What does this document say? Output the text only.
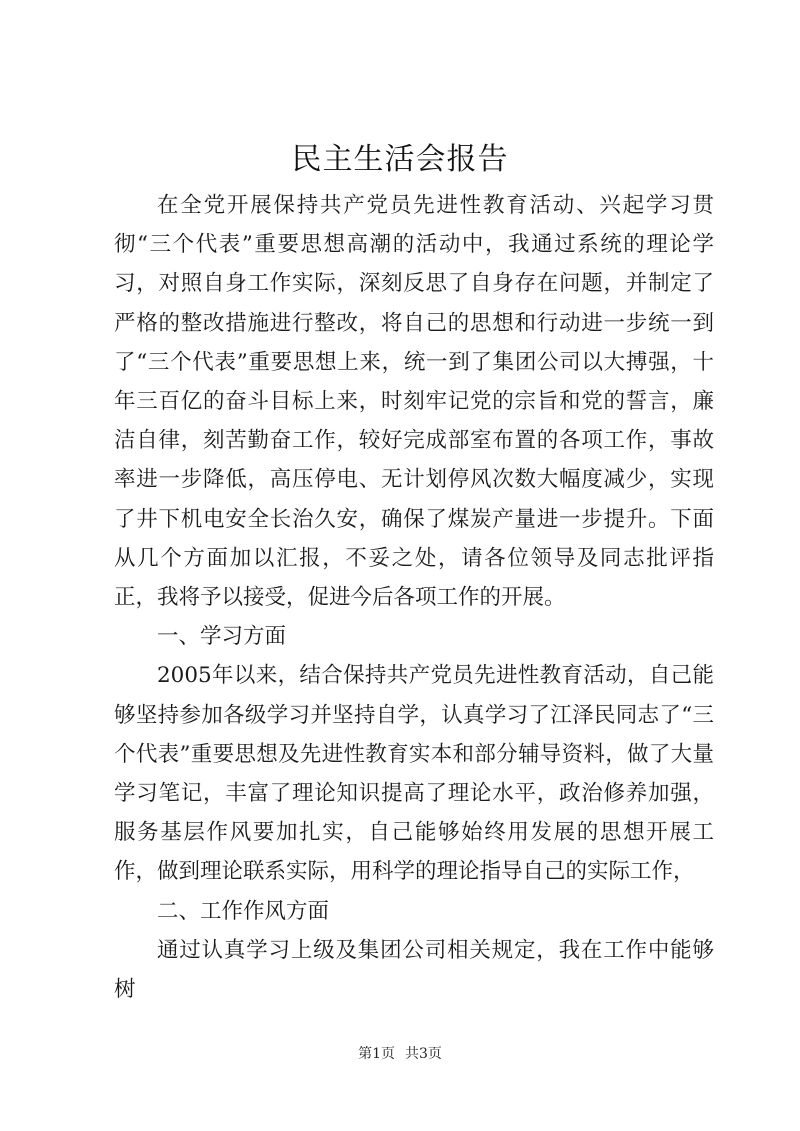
民主生活会报告

在全党开展保持共产党员先进性教育活动、兴起学习贯彻“三个代表”重要思想高潮的活动中，我通过系统的理论学习，对照自身工作实际，深刻反思了自身存在问题，并制定了严格的整改措施进行整改，将自己的思想和行动进一步统一到了“三个代表”重要思想上来，统一到了集团公司以大搏强，十年三百亿的奋斗目标上来，时刻牢记党的宗旨和党的誓言，廉洁自律，刻苦勤奋工作，较好完成部室布置的各项工作，事故率进一步降低，高压停电、无计划停风次数大幅度减少，实现了井下机电安全长治久安，确保了煤炭产量进一步提升。下面从几个方面加以汇报，不妥之处，请各位领导及同志批评指正，我将予以接受，促进今后各项工作的开展。

一、学习方面

2005年以来，结合保持共产党员先进性教育活动，自己能够坚持参加各级学习并坚持自学，认真学习了江泽民同志了“三个代表”重要思想及先进性教育实本和部分辅导资料，做了大量学习笔记，丰富了理论知识提高了理论水平，政治修养加强，服务基层作风要加扎实，自己能够始终用发展的思想开展工作，做到理论联系实际，用科学的理论指导自己的实际工作，

二、工作作风方面

通过认真学习上级及集团公司相关规定，我在工作中能够树

第1页 共3页
